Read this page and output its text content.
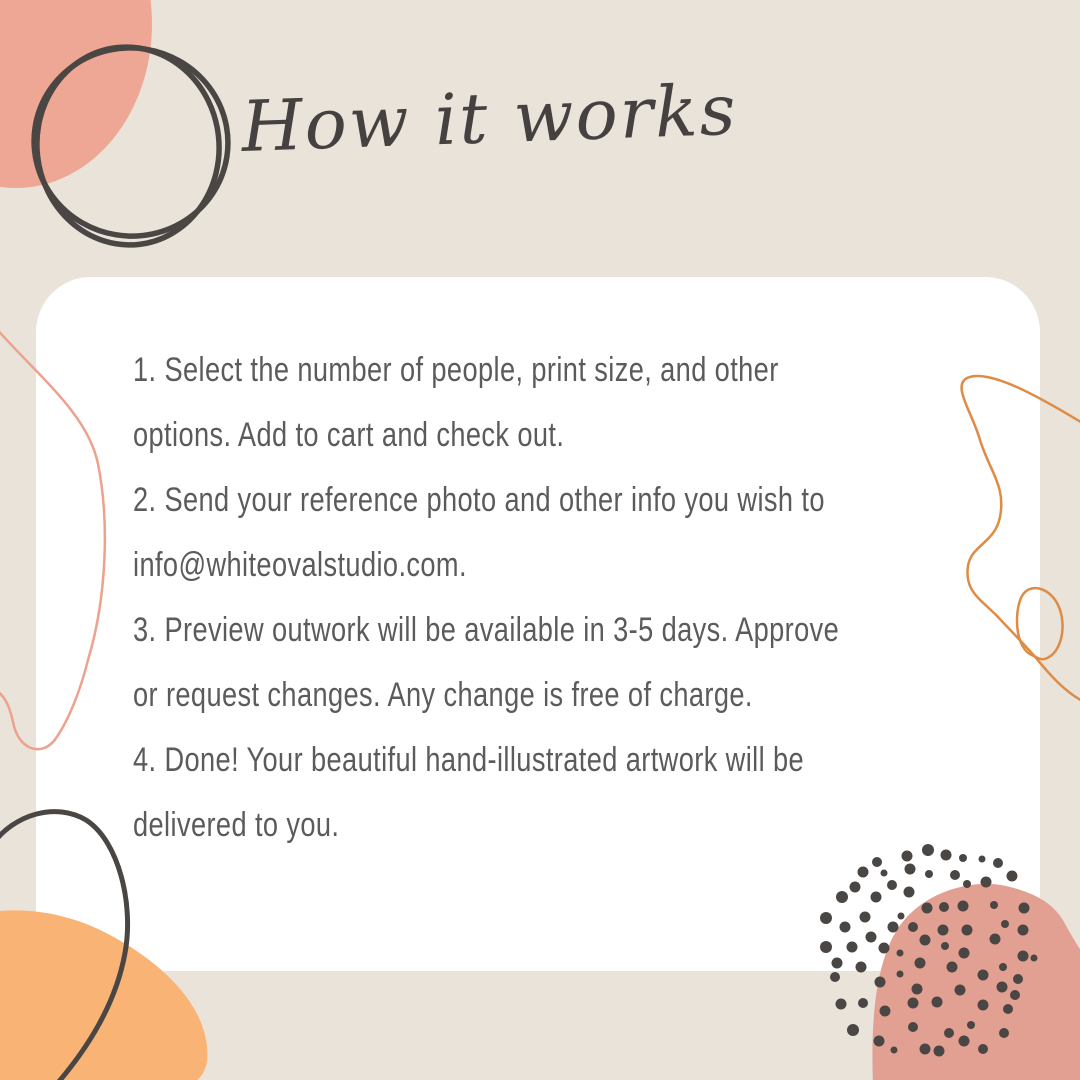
1. Select the number of people, print size, and other
options. Add to cart and check out.

2. Send your reference photo and other info you wish to
info@whiteovalstudio.com.

3. Preview outwork will be available in 3-5 days. Approve
or request changes. Any change is free of charge.

4. Done! Your beautiful hand-illustrated artwork will be
delivered to you.

How it works
